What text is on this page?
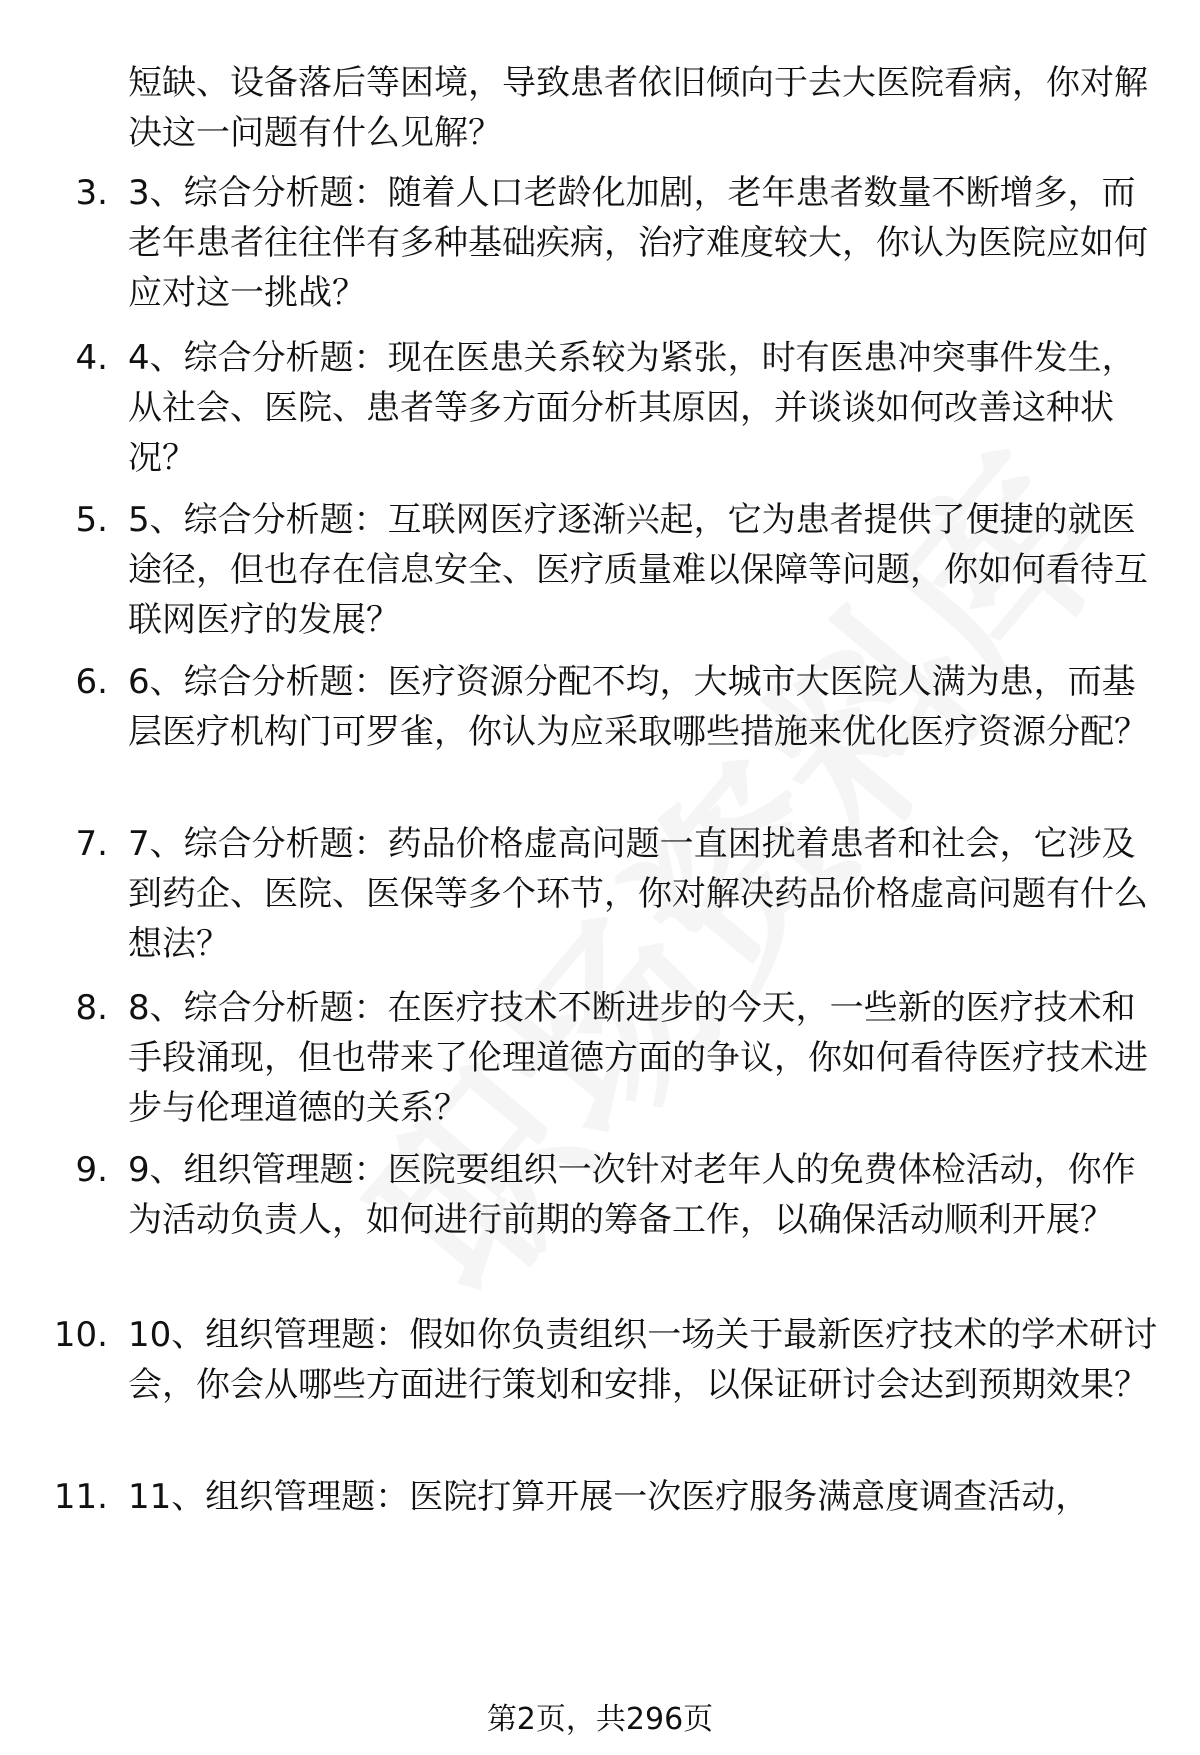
短缺、设备落后等困境，导致患者依旧倾向于去大医院看病，你对解决这一问题有什么见解？
3. 3、综合分析题：随着人口老龄化加剧，老年患者数量不断增多，而老年患者往往伴有多种基础疾病，治疗难度较大，你认为医院应如何应对这一挑战？
4. 4、综合分析题：现在医患关系较为紧张，时有医患冲突事件发生，从社会、医院、患者等多方面分析其原因，并谈谈如何改善这种状况？
5. 5、综合分析题：互联网医疗逐渐兴起，它为患者提供了便捷的就医途径，但也存在信息安全、医疗质量难以保障等问题，你如何看待互联网医疗的发展？
6. 6、综合分析题：医疗资源分配不均，大城市大医院人满为患，而基层医疗机构门可罗雀，你认为应采取哪些措施来优化医疗资源分配？
7. 7、综合分析题：药品价格虚高问题一直困扰着患者和社会，它涉及到药企、医院、医保等多个环节，你对解决药品价格虚高问题有什么想法？
8. 8、综合分析题：在医疗技术不断进步的今天，一些新的医疗技术和手段涌现，但也带来了伦理道德方面的争议，你如何看待医疗技术进步与伦理道德的关系？
9. 9、组织管理题：医院要组织一次针对老年人的免费体检活动，你作为活动负责人，如何进行前期的筹备工作，以确保活动顺利开展？
10. 10、组织管理题：假如你负责组织一场关于最新医疗技术的学术研讨会，你会从哪些方面进行策划和安排，以保证研讨会达到预期效果？
11. 11、组织管理题：医院打算开展一次医疗服务满意度调查活动，
第2页，共296页
